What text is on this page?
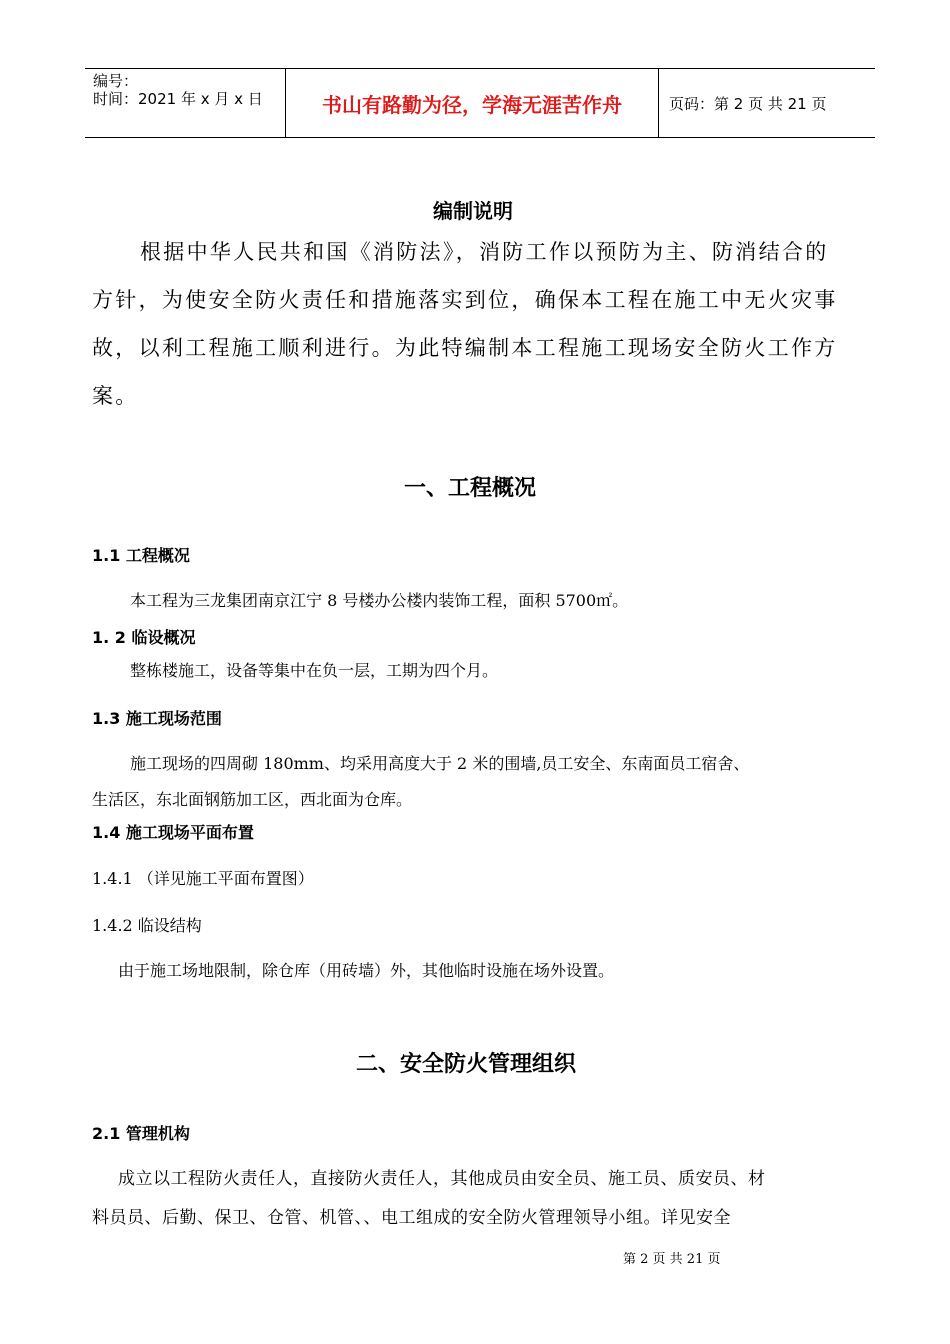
编号：
时间：2021 年 x 月 x 日	书山有路勤为径，学海无涯苦作舟	页码：第 2 页 共 21 页
编制说明
根据中华人民共和国《消防法》，消防工作以预防为主、防消结合的
方针，为使安全防火责任和措施落实到位，确保本工程在施工中无火灾事
故，以利工程施工顺利进行。为此特编制本工程施工现场安全防火工作方
案。
一、工程概况
1.1 工程概况
本工程为三龙集团南京江宁 8 号楼办公楼内装饰工程，面积 5700㎡。
1. 2 临设概况
整栋楼施工，设备等集中在负一层，工期为四个月。
1.3 施工现场范围
施工现场的四周砌 180mm、均采用高度大于 2 米的围墙,员工安全、东南面员工宿舍、
生活区，东北面钢筋加工区，西北面为仓库。
1.4 施工现场平面布置
1.4.1 （详见施工平面布置图）
1.4.2 临设结构
由于施工场地限制，除仓库（用砖墙）外，其他临时设施在场外设置。
二、安全防火管理组织
2.1 管理机构
成立以工程防火责任人，直接防火责任人，其他成员由安全员、施工员、质安员、材
料员员、后勤、保卫、仓管、机管、、电工组成的安全防火管理领导小组。详见安全
第 2 页 共 21 页
